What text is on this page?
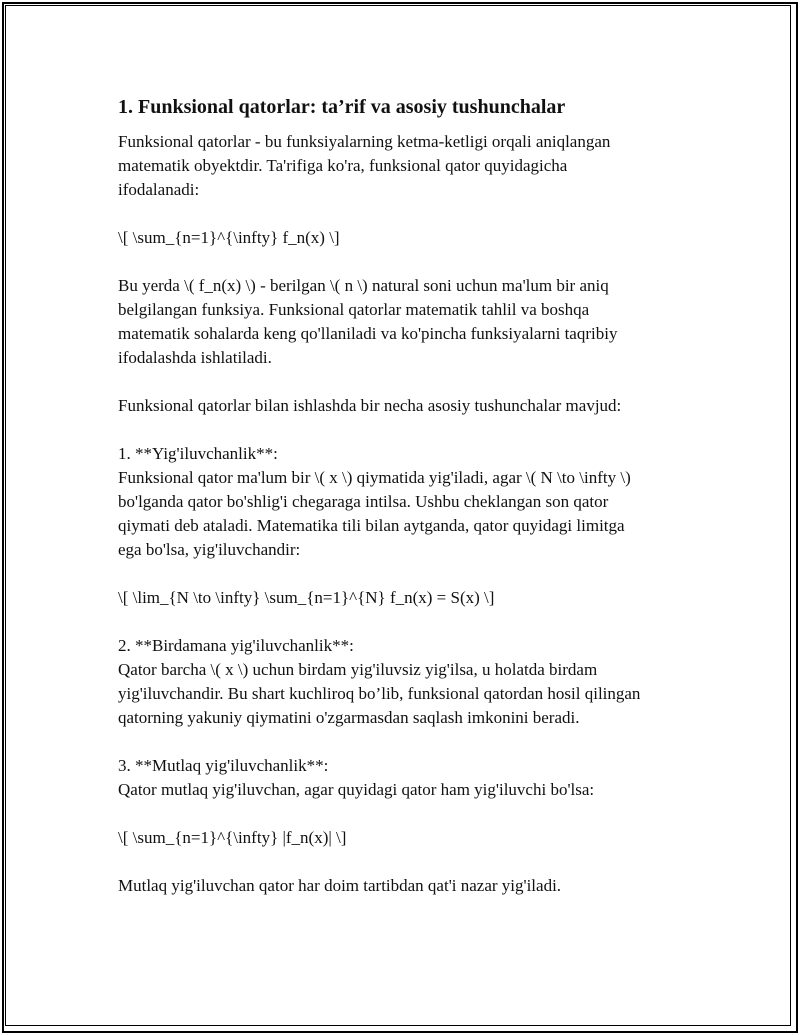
1. Funksional qatorlar: ta’rif va asosiy tushunchalar
Funksional qatorlar - bu funksiyalarning ketma-ketligi orqali aniqlangan
matematik obyektdir. Ta'rifiga ko'ra, funksional qator quyidagicha
ifodalanadi:
\[ \sum_{n=1}^{\infty} f_n(x) \]
Bu yerda \( f_n(x) \) - berilgan \( n \) natural soni uchun ma'lum bir aniq
belgilangan funksiya. Funksional qatorlar matematik tahlil va boshqa
matematik sohalarda keng qo'llaniladi va ko'pincha funksiyalarni taqribiy
ifodalashda ishlatiladi.
Funksional qatorlar bilan ishlashda bir necha asosiy tushunchalar mavjud:
1. **Yig'iluvchanlik**:
Funksional qator ma'lum bir \( x \) qiymatida yig'iladi, agar \( N \to \infty \)
bo'lganda qator bo'shlig'i chegaraga intilsa. Ushbu cheklangan son qator
qiymati deb ataladi. Matematika tili bilan aytganda, qator quyidagi limitga
ega bo'lsa, yig'iluvchandir:
\[ \lim_{N \to \infty} \sum_{n=1}^{N} f_n(x) = S(x) \]
2. **Birdamana yig'iluvchanlik**:
Qator barcha \( x \) uchun birdam yig'iluvsiz yig'ilsa, u holatda birdam
yig'iluvchandir. Bu shart kuchliroq bo’lib, funksional qatordan hosil qilingan
qatorning yakuniy qiymatini o'zgarmasdan saqlash imkonini beradi.
3. **Mutlaq yig'iluvchanlik**:
Qator mutlaq yig'iluvchan, agar quyidagi qator ham yig'iluvchi bo'lsa:
\[ \sum_{n=1}^{\infty} |f_n(x)| \]
Mutlaq yig'iluvchan qator har doim tartibdan qat'i nazar yig'iladi.
